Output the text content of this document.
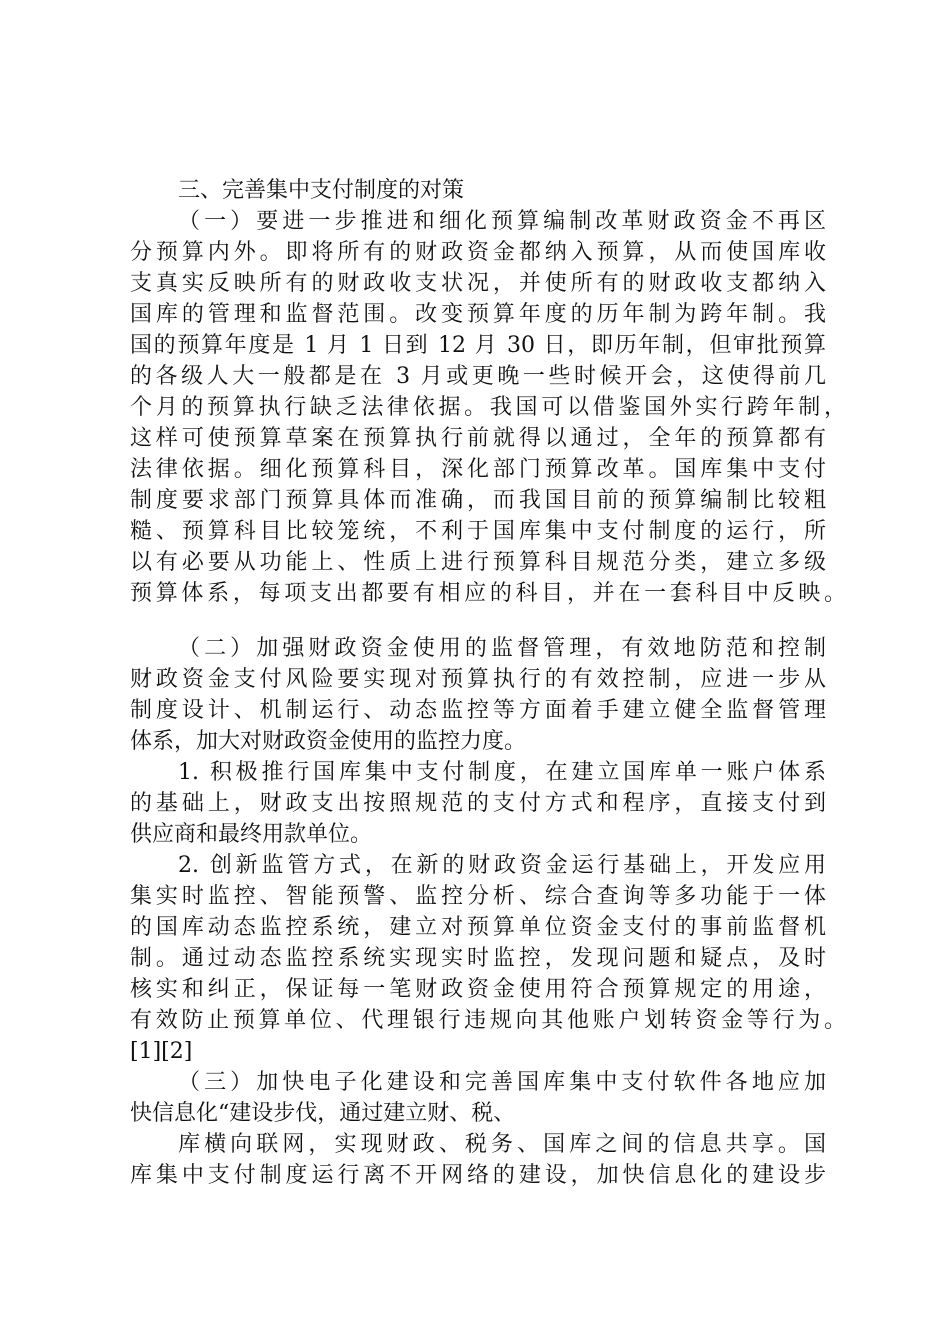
三、完善集中支付制度的对策
（一）要进一步推进和细化预算编制改革财政资金不再区
分预算内外。即将所有的财政资金都纳入预算，从而使国库收
支真实反映所有的财政收支状况，并使所有的财政收支都纳入
国库的管理和监督范围。改变预算年度的历年制为跨年制。我
国的预算年度是 1 月 1 日到 12 月 30 日，即历年制，但审批预算
的各级人大一般都是在 3 月或更晚一些时候开会，这使得前几
个月的预算执行缺乏法律依据。我国可以借鉴国外实行跨年制，
这样可使预算草案在预算执行前就得以通过，全年的预算都有
法律依据。细化预算科目，深化部门预算改革。国库集中支付
制度要求部门预算具体而准确，而我国目前的预算编制比较粗
糙、预算科目比较笼统，不利于国库集中支付制度的运行，所
以有必要从功能上、性质上进行预算科目规范分类，建立多级
预算体系，每项支出都要有相应的科目，并在一套科目中反映。
（二）加强财政资金使用的监督管理，有效地防范和控制
财政资金支付风险要实现对预算执行的有效控制，应进一步从
制度设计、机制运行、动态监控等方面着手建立健全监督管理
体系，加大对财政资金使用的监控力度。
1. 积极推行国库集中支付制度，在建立国库单一账户体系
的基础上，财政支出按照规范的支付方式和程序，直接支付到
供应商和最终用款单位。
2. 创新监管方式，在新的财政资金运行基础上，开发应用
集实时监控、智能预警、监控分析、综合查询等多功能于一体
的国库动态监控系统，建立对预算单位资金支付的事前监督机
制。通过动态监控系统实现实时监控，发现问题和疑点，及时
核实和纠正，保证每一笔财政资金使用符合预算规定的用途，
有效防止预算单位、代理银行违规向其他账户划转资金等行为。
[1][2]
（三）加快电子化建设和完善国库集中支付软件各地应加
快信息化“建设步伐，通过建立财、税、
库横向联网，实现财政、税务、国库之间的信息共享。国
库集中支付制度运行离不开网络的建设，加快信息化的建设步
